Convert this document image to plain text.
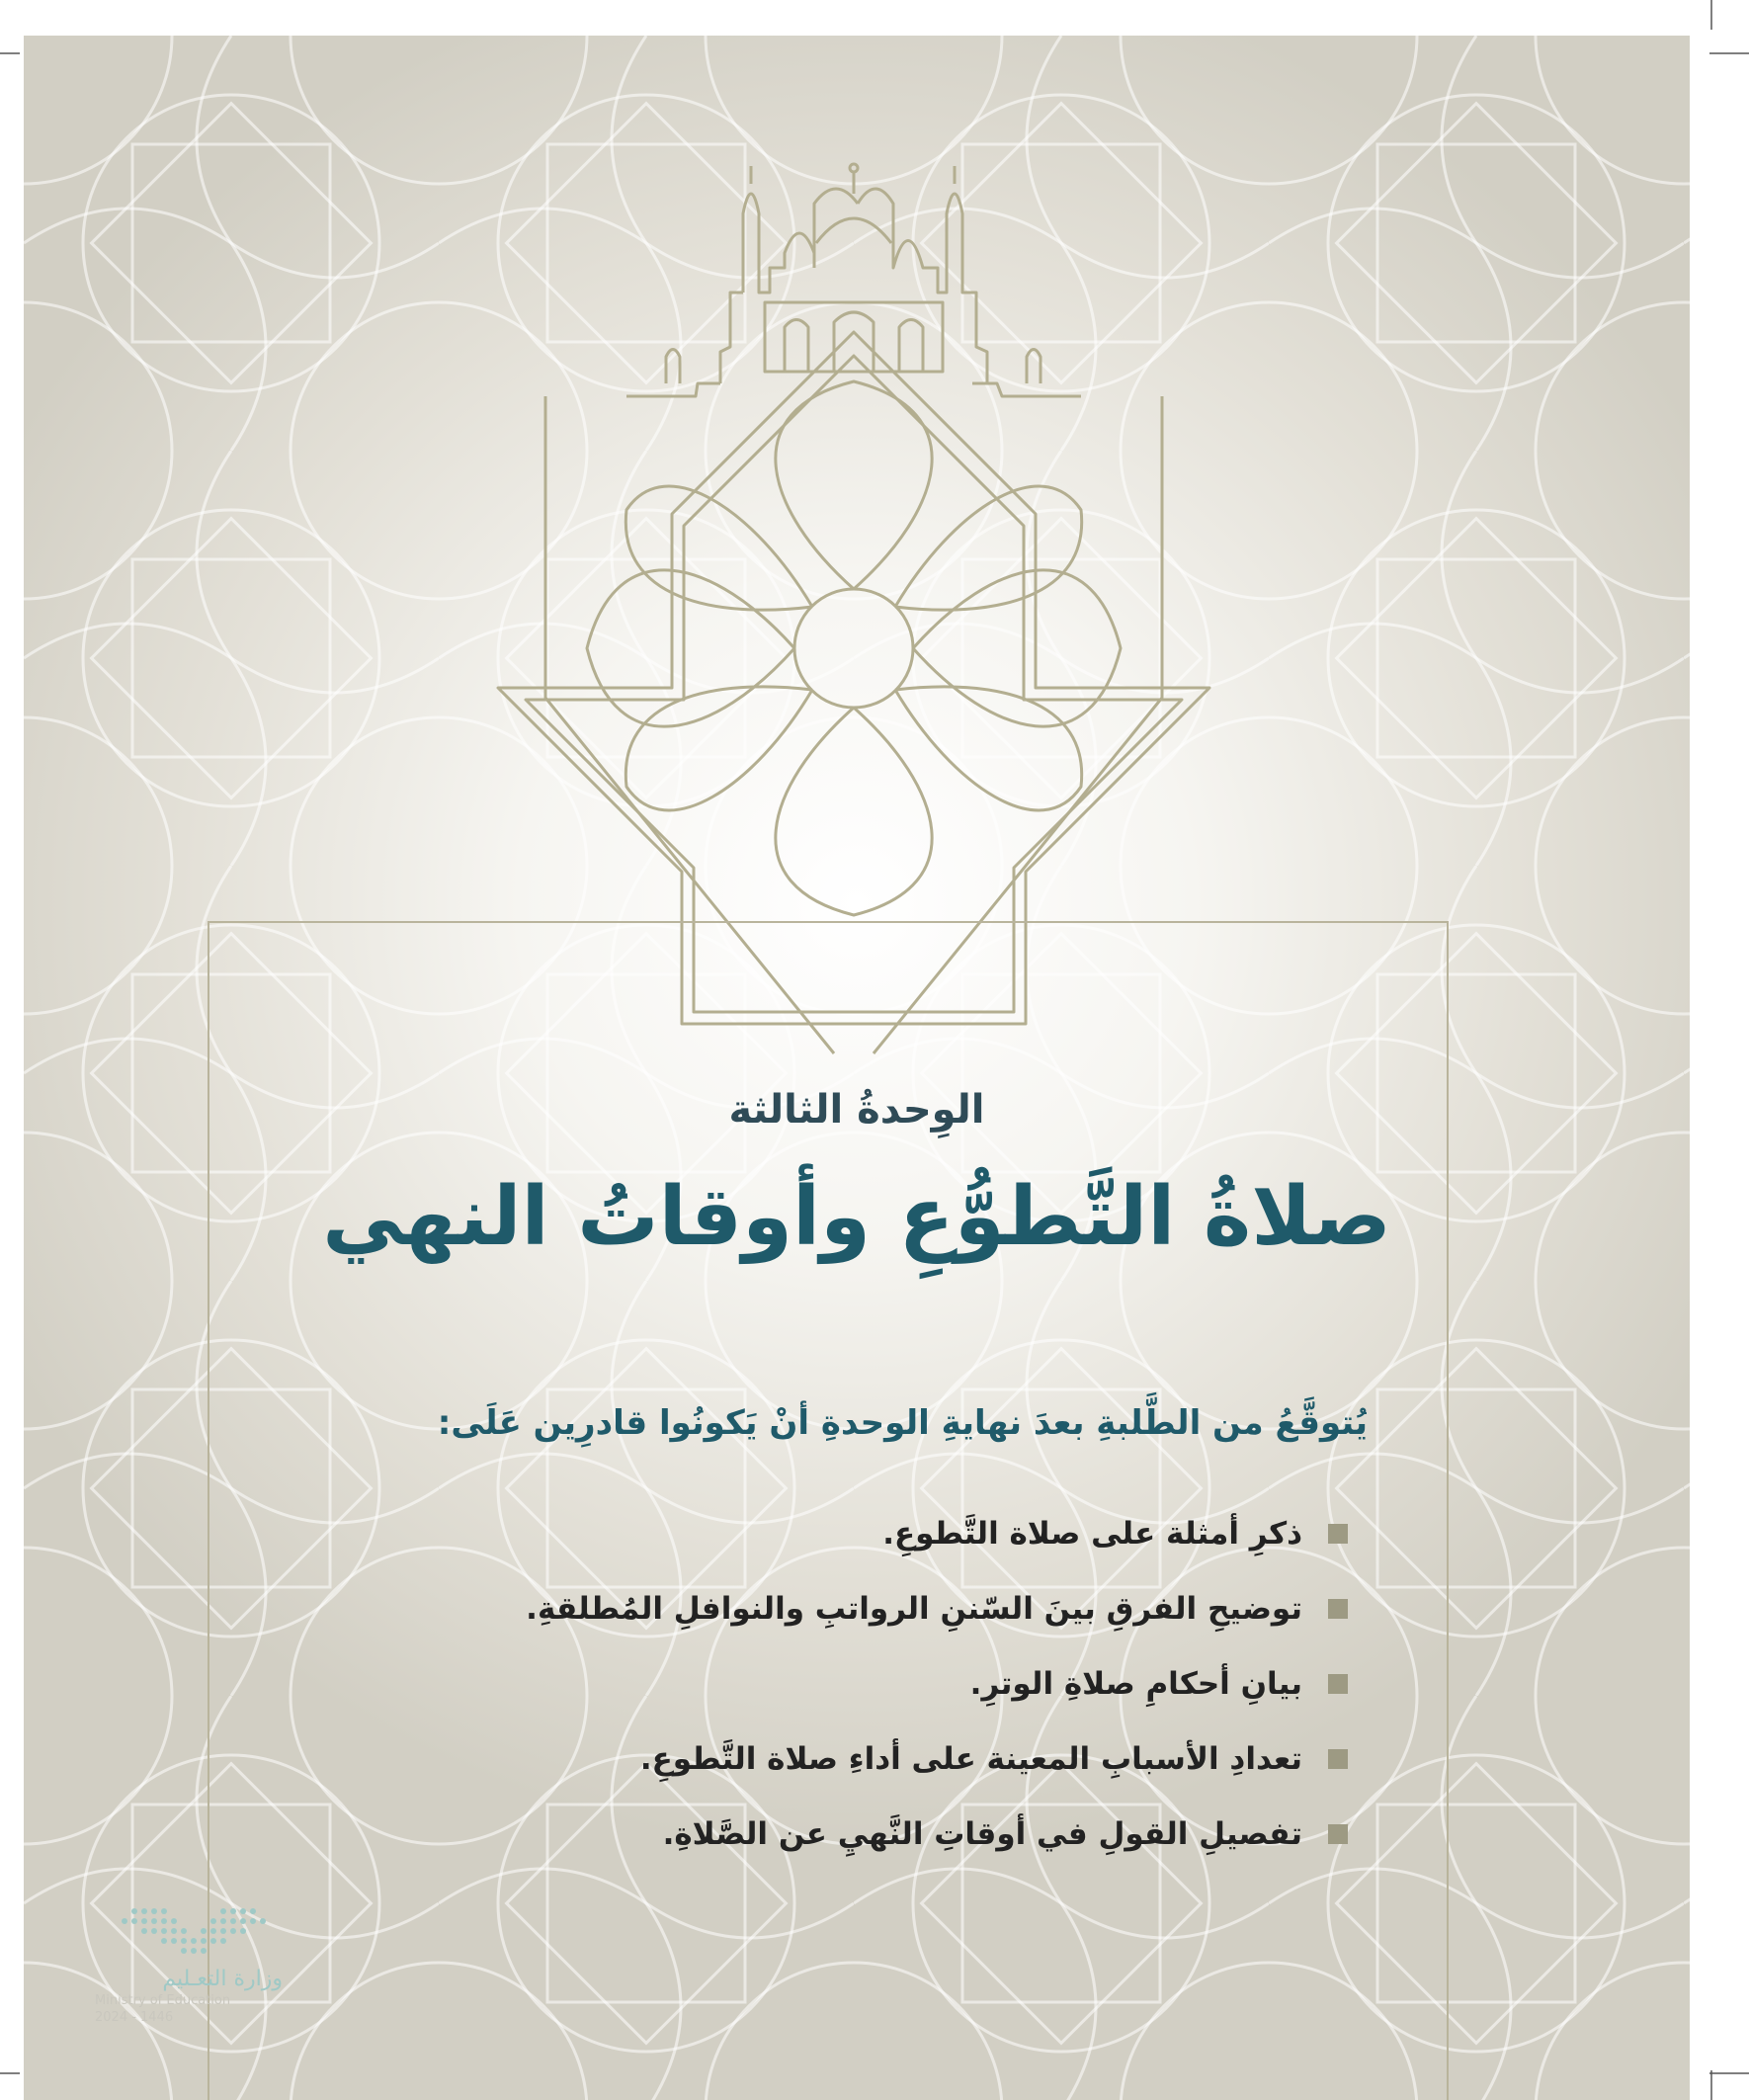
الوِحدةُ الثالثة
صلاةُ التَّطوُّعِ وأوقاتُ النهي
يُتوقَّعُ من الطَّلبةِ بعدَ نهايةِ الوحدةِ أنْ يَكونُوا قادرِين عَلَى:
ذكرِ أمثلة على صلاة التَّطوعِ.
توضيحِ الفرقِ بينَ السّننِ الرواتبِ والنوافلِ المُطلقةِ.
بيانِ أحكامِ صلاةِ الوترِ.
تعدادِ الأسبابِ المعينة على أداءِ صلاة التَّطوعِ.
تفصيلِ القولِ في أوقاتِ النَّهيِ عن الصَّلاةِ.
وزارة التعـليم
Ministry of Education
2024 - 1446
